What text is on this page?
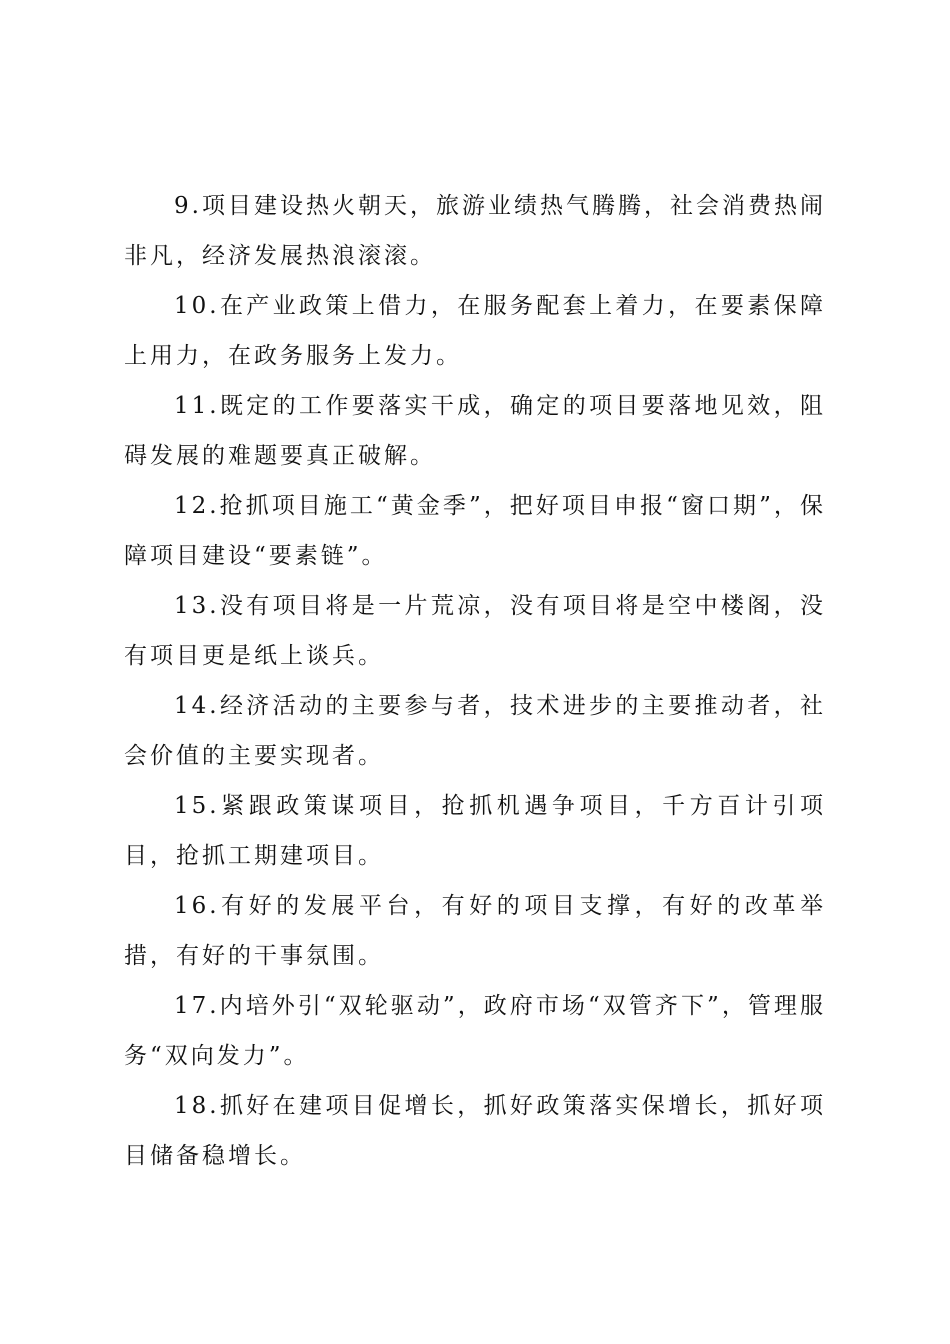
9.项目建设热火朝天，旅游业绩热气腾腾，社会消费热闹非凡，经济发展热浪滚滚。

10.在产业政策上借力，在服务配套上着力，在要素保障上用力，在政务服务上发力。

11.既定的工作要落实干成，确定的项目要落地见效，阻碍发展的难题要真正破解。

12.抢抓项目施工“黄金季”，把好项目申报“窗口期”，保障项目建设“要素链”。

13.没有项目将是一片荒凉，没有项目将是空中楼阁，没有项目更是纸上谈兵。

14.经济活动的主要参与者，技术进步的主要推动者，社会价值的主要实现者。

15.紧跟政策谋项目，抢抓机遇争项目，千方百计引项目，抢抓工期建项目。

16.有好的发展平台，有好的项目支撑，有好的改革举措，有好的干事氛围。

17.内培外引“双轮驱动”，政府市场“双管齐下”，管理服务“双向发力”。

18.抓好在建项目促增长，抓好政策落实保增长，抓好项目储备稳增长。
